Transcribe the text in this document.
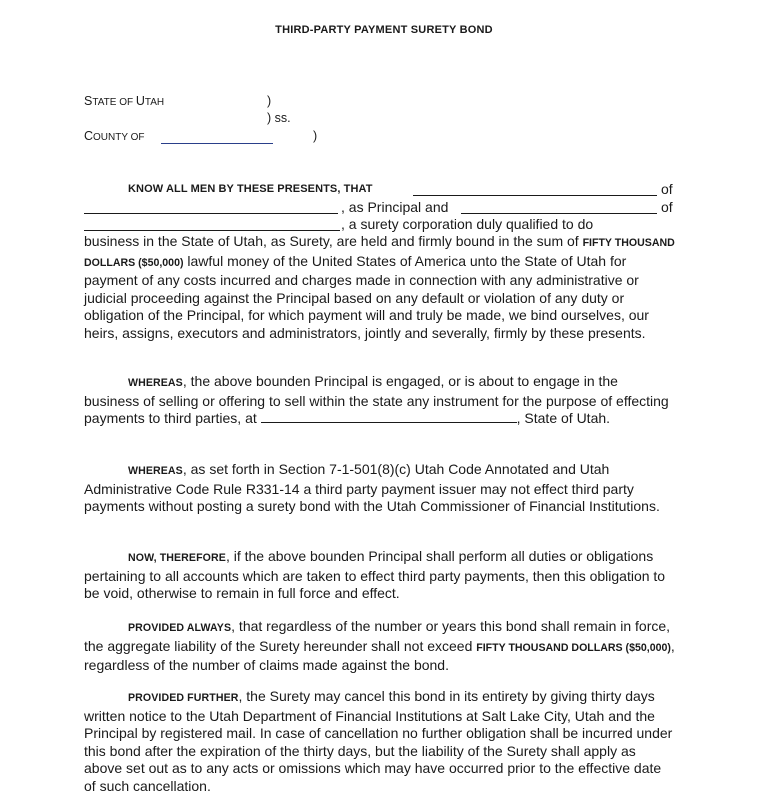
THIRD-PARTY PAYMENT SURETY BOND
STATE OF UTAH	)
) ss.
COUNTY OF	)
KNOW ALL MEN BY THESE PRESENTS, THAT	of
, as Principal and	of
, a surety corporation duly qualified to do

business in the State of Utah, as Surety, are held and firmly bound in the sum of FIFTY THOUSAND DOLLARS ($50,000) lawful money of the United States of America unto the State of Utah for payment of any costs incurred and charges made in connection with any administrative or judicial proceeding against the Principal based on any default or violation of any duty or obligation of the Principal, for which payment will and truly be made, we bind ourselves, our heirs, assigns, executors and administrators, jointly and severally, firmly by these presents.

WHEREAS, the above bounden Principal is engaged, or is about to engage in the business of selling or offering to sell within the state any instrument for the purpose of effecting payments to third parties, at	, State of Utah.

WHEREAS, as set forth in Section 7-1-501(8)(c) Utah Code Annotated and Utah Administrative Code Rule R331-14 a third party payment issuer may not effect third party payments without posting a surety bond with the Utah Commissioner of Financial Institutions.

NOW, THEREFORE, if the above bounden Principal shall perform all duties or obligations pertaining to all accounts which are taken to effect third party payments, then this obligation to be void, otherwise to remain in full force and effect.

PROVIDED ALWAYS, that regardless of the number or years this bond shall remain in force, the aggregate liability of the Surety hereunder shall not exceed FIFTY THOUSAND DOLLARS ($50,000), regardless of the number of claims made against the bond.

PROVIDED FURTHER, the Surety may cancel this bond in its entirety by giving thirty days written notice to the Utah Department of Financial Institutions at Salt Lake City, Utah and the Principal by registered mail. In case of cancellation no further obligation shall be incurred under this bond after the expiration of the thirty days, but the liability of the Surety shall apply as above set out as to any acts or omissions which may have occurred prior to the effective date of such cancellation.
